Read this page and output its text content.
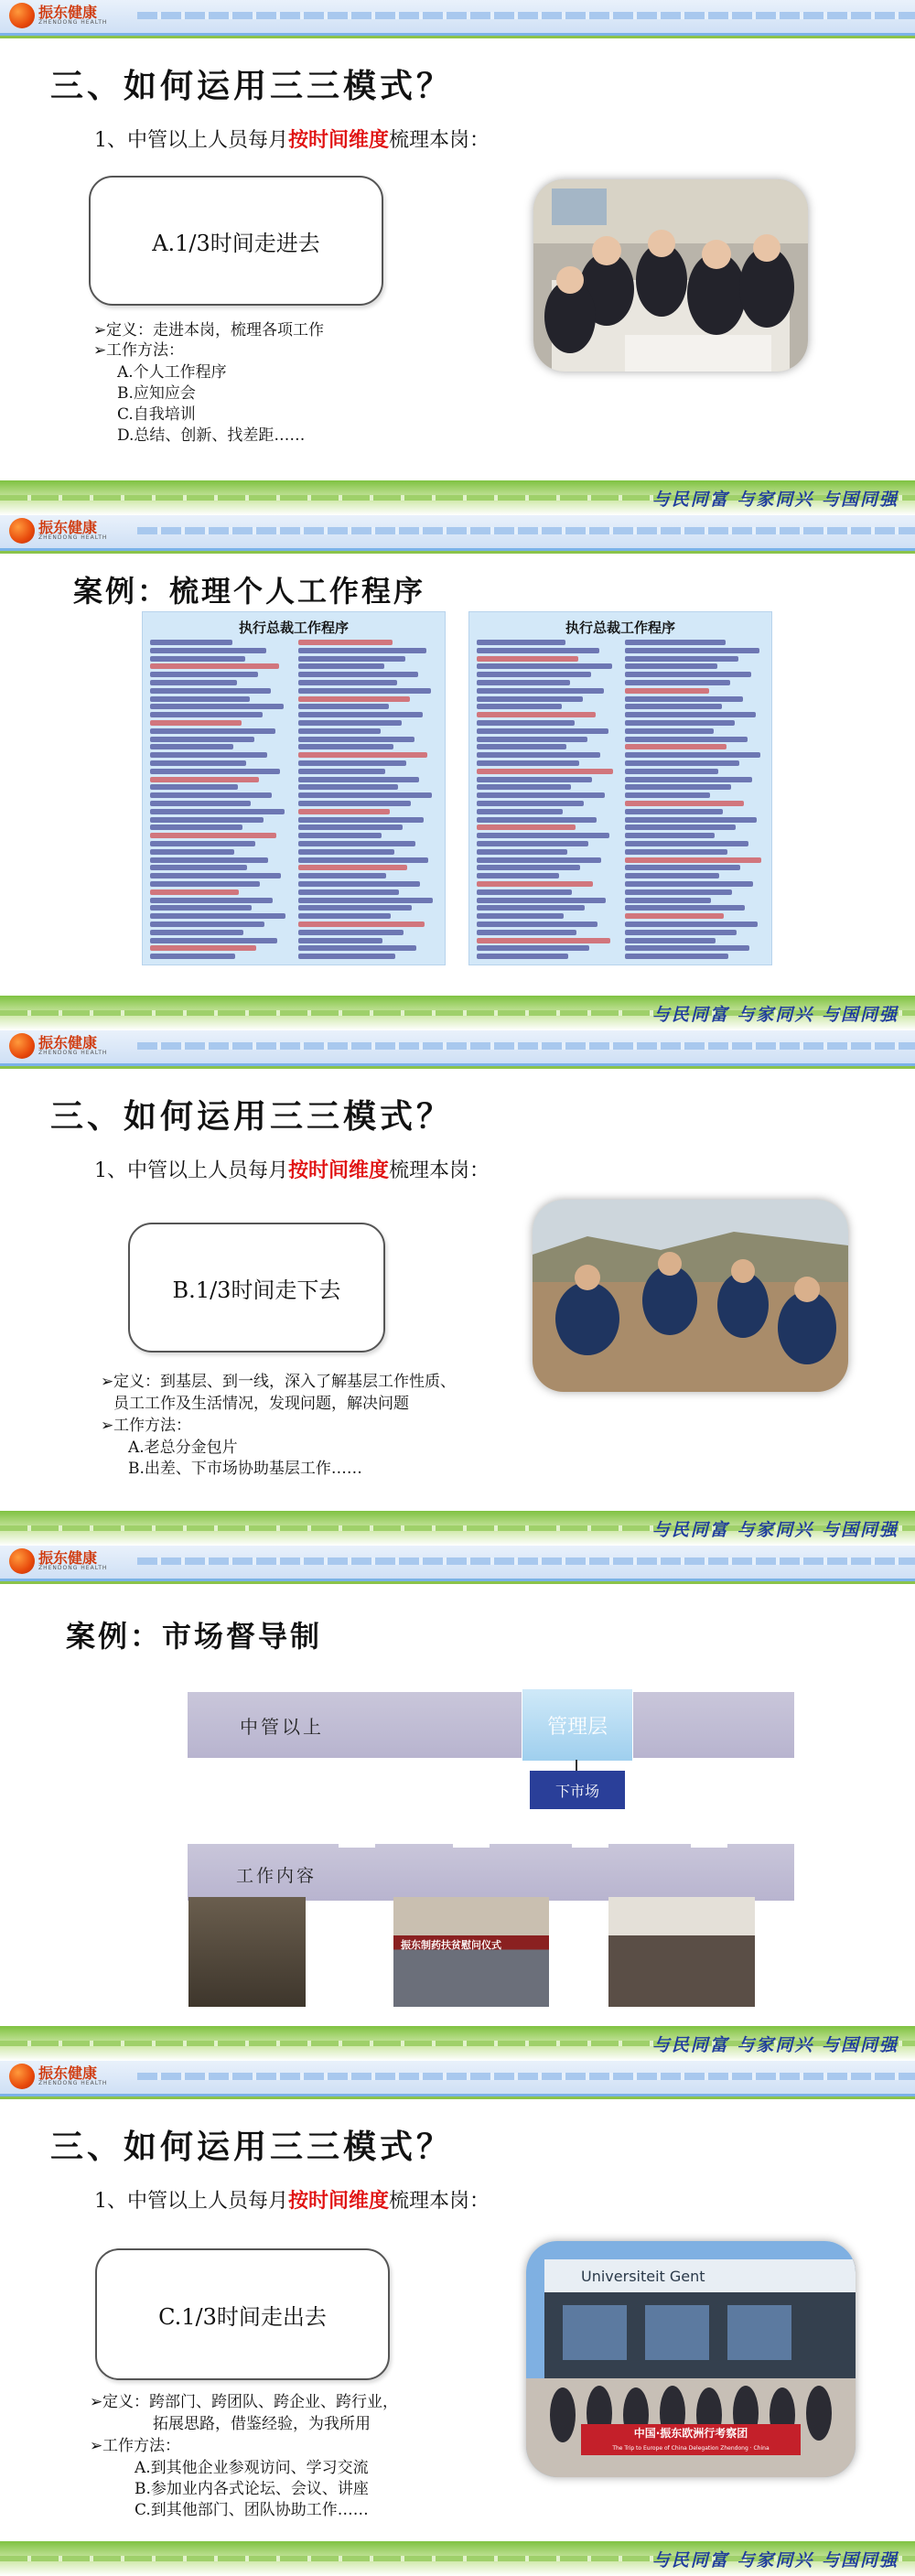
振东健康
ZHENDONG HEALTH
三、如何运用三三模式？
1、中管以上人员每月按时间维度梳理本岗：
A.1/3时间走进去
➢定义：走进本岗，梳理各项工作
➢工作方法：
A.个人工作程序
B.应知应会
C.自我培训
D.总结、创新、找差距……
与民同富 与家同兴 与国同强
振东健康
ZHENDONG HEALTH
案例：梳理个人工作程序
执行总裁工作程序	执行总裁工作程序
与民同富 与家同兴 与国同强
振东健康
ZHENDONG HEALTH
三、如何运用三三模式？
1、中管以上人员每月按时间维度梳理本岗：
B.1/3时间走下去
➢定义：到基层、到一线，深入了解基层工作性质、
员工工作及生活情况，发现问题，解决问题
➢工作方法：
A.老总分金包片
B.出差、下市场协助基层工作……
与民同富 与家同兴 与国同强
振东健康
ZHENDONG HEALTH
案例：市场督导制
中管以上	管理层
下市场
工作内容
振东制药扶贫慰问仪式
与民同富 与家同兴 与国同强
振东健康
ZHENDONG HEALTH
三、如何运用三三模式？
1、中管以上人员每月按时间维度梳理本岗：
C.1/3时间走出去
➢定义：跨部门、跨团队、跨企业、跨行业，
拓展思路，借鉴经验，为我所用
➢工作方法：
A.到其他企业参观访问、学习交流
B.参加业内各式论坛、会议、讲座
C.到其他部门、团队协助工作……
Universiteit Gent
中国·振东欧洲行考察团
The Trip to Europe of China Delegation Zhendong · China
与民同富 与家同兴 与国同强
